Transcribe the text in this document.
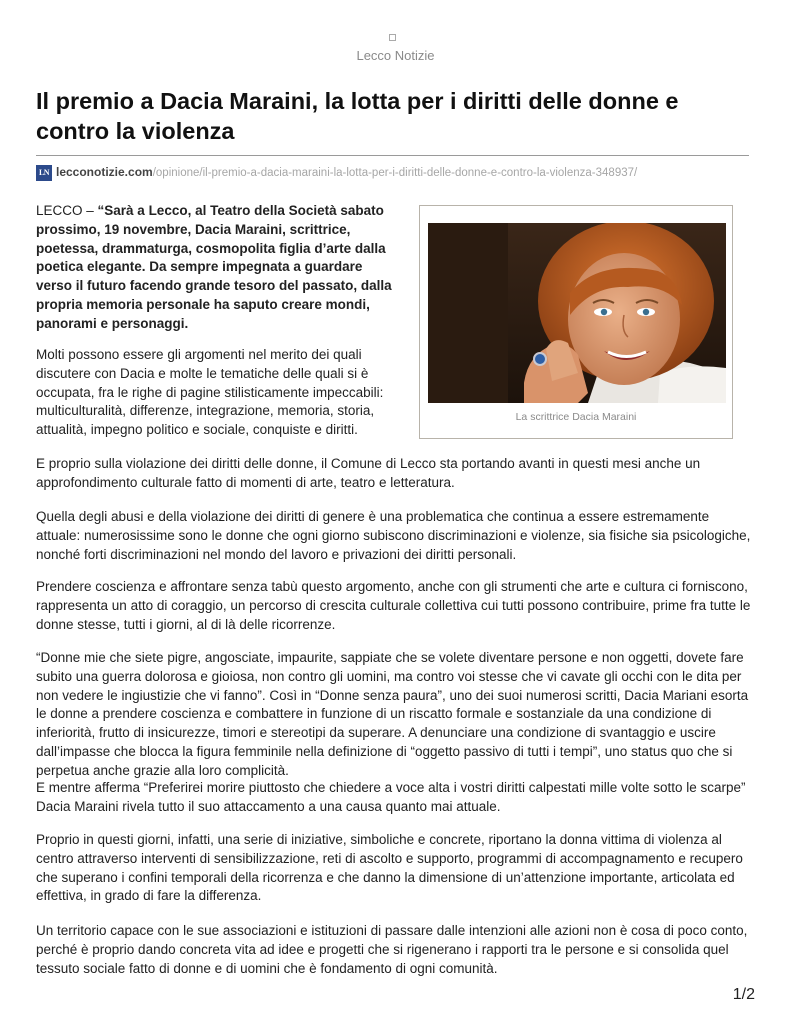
Lecco Notizie
Il premio a Dacia Maraini, la lotta per i diritti delle donne e contro la violenza
LN lecconotizie.com/opinione/il-premio-a-dacia-maraini-la-lotta-per-i-diritti-delle-donne-e-contro-la-violenza-348937/

LECCO – “Sarà a Lecco, al Teatro della Società sabato prossimo, 19 novembre, Dacia Maraini, scrittrice, poetessa, drammaturga, cosmopolita figlia d’arte dalla poetica elegante. Da sempre impegnata a guardare verso il futuro facendo grande tesoro del passato, dalla propria memoria personale ha saputo creare mondi, panorami e personaggi.

Molti possono essere gli argomenti nel merito dei quali discutere con Dacia e molte le tematiche delle quali si è occupata, fra le righe di pagine stilisticamente impeccabili: multiculturalità, differenze, integrazione, memoria, storia, attualità, impegno politico e sociale, conquiste e diritti.

La scrittrice Dacia Maraini

E proprio sulla violazione dei diritti delle donne, il Comune di Lecco sta portando avanti in questi mesi anche un approfondimento culturale fatto di momenti di arte, teatro e letteratura.

Quella degli abusi e della violazione dei diritti di genere è una problematica che continua a essere estremamente attuale: numerosissime sono le donne che ogni giorno subiscono discriminazioni e violenze, sia fisiche sia psicologiche, nonché forti discriminazioni nel mondo del lavoro e privazioni dei diritti personali.

Prendere coscienza e affrontare senza tabù questo argomento, anche con gli strumenti che arte e cultura ci forniscono, rappresenta un atto di coraggio, un percorso di crescita culturale collettiva cui tutti possono contribuire, prime fra tutte le donne stesse, tutti i giorni, al di là delle ricorrenze.

“Donne mie che siete pigre, angosciate, impaurite, sappiate che se volete diventare persone e non oggetti, dovete fare subito una guerra dolorosa e gioiosa, non contro gli uomini, ma contro voi stesse che vi cavate gli occhi con le dita per non vedere le ingiustizie che vi fanno”. Così in “Donne senza paura”, uno dei suoi numerosi scritti, Dacia Mariani esorta le donne a prendere coscienza e combattere in funzione di un riscatto formale e sostanziale da una condizione di inferiorità, frutto di insicurezze, timori e stereotipi da superare. A denunciare una condizione di svantaggio e uscire dall’impasse che blocca la figura femminile nella definizione di “oggetto passivo di tutti i tempi”, uno status quo che si perpetua anche grazie alla loro complicità.

E mentre afferma “Preferirei morire piuttosto che chiedere a voce alta i vostri diritti calpestati mille volte sotto le scarpe” Dacia Maraini rivela tutto il suo attaccamento a una causa quanto mai attuale.

Proprio in questi giorni, infatti, una serie di iniziative, simboliche e concrete, riportano la donna vittima di violenza al centro attraverso interventi di sensibilizzazione, reti di ascolto e supporto, programmi di accompagnamento e recupero che superano i confini temporali della ricorrenza e che danno la dimensione di un’attenzione importante, articolata ed effettiva, in grado di fare la differenza.

Un territorio capace con le sue associazioni e istituzioni di passare dalle intenzioni alle azioni non è cosa di poco conto, perché è proprio dando concreta vita ad idee e progetti che si rigenerano i rapporti tra le persone e si consolida quel tessuto sociale fatto di donne e di uomini che è fondamento di ogni comunità.

1/2
